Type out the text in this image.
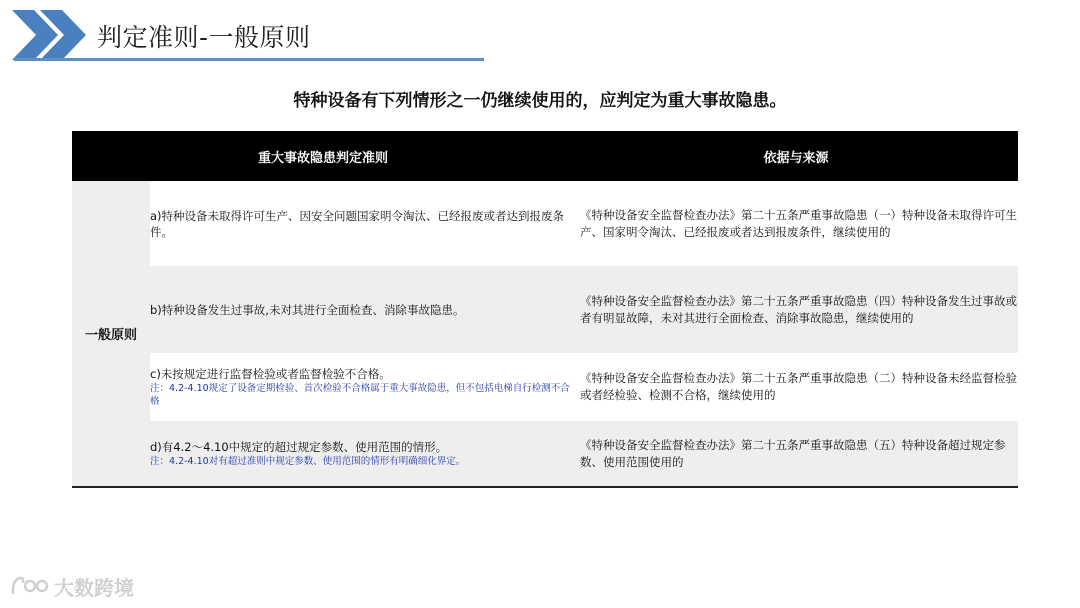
判定准则-一般原则
特种设备有下列情形之一仍继续使用的，应判定为重大事故隐患。
重大事故隐患判定准则	依据与来源
一般原则
a)特种设备未取得许可生产、因安全问题国家明令淘汰、已经报废或者达到报废条件。
《特种设备安全监督检查办法》第二十五条严重事故隐患（一）特种设备未取得许可生产、国家明令淘汰、已经报废或者达到报废条件，继续使用的
b)特种设备发生过事故,未对其进行全面检查、消除事故隐患。
《特种设备安全监督检查办法》第二十五条严重事故隐患（四）特种设备发生过事故或者有明显故障，未对其进行全面检查、消除事故隐患，继续使用的
c)未按规定进行监督检验或者监督检验不合格。
注：4.2-4.10规定了设备定期检验、首次检验不合格属于重大事故隐患，但不包括电梯自行检测不合格
《特种设备安全监督检查办法》第二十五条严重事故隐患（二）特种设备未经监督检验或者经检验、检测不合格，继续使用的
d)有4.2～4.10中规定的超过规定参数、使用范围的情形。
注：4.2-4.10对有超过准则中规定参数、使用范围的情形有明确细化界定。
《特种设备安全监督检查办法》第二十五条严重事故隐患（五）特种设备超过规定参数、使用范围使用的
大数跨境
